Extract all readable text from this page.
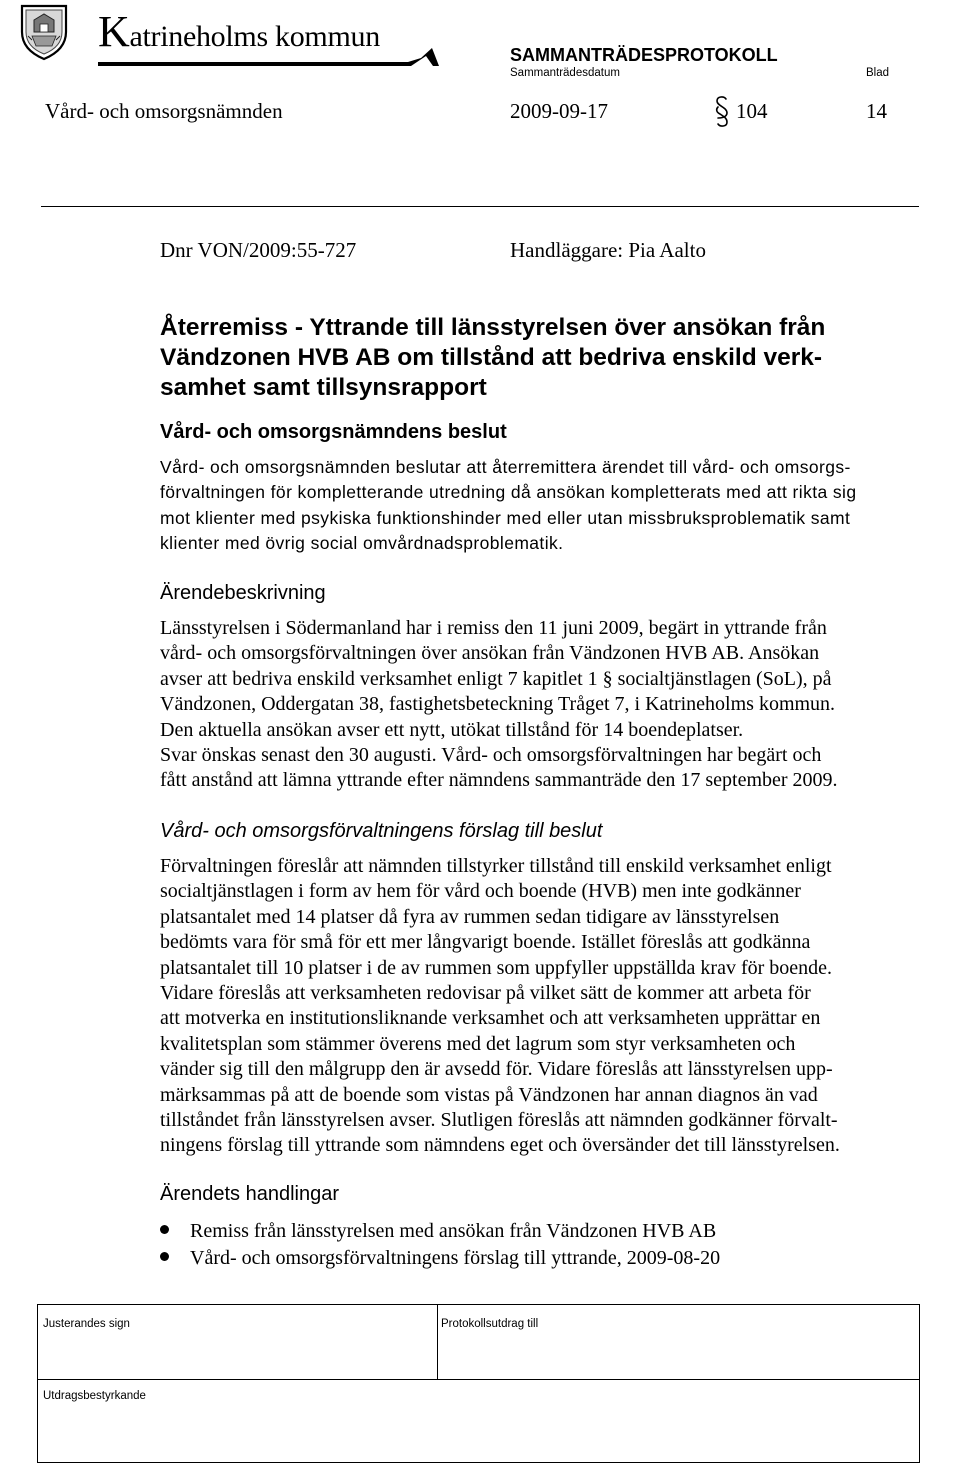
Katrineholms kommun
SAMMANTRÄDESPROTOKOLL
Sammanträdesdatum	Blad
Vård- och omsorgsnämnden	2009-09-17	104	14
Dnr VON/2009:55-727	Handläggare: Pia Aalto
Återremiss - Yttrande till länsstyrelsen över ansökan från
Vändzonen HVB AB om tillstånd att bedriva enskild verk-
samhet samt tillsynsrapport
Vård- och omsorgsnämndens beslut
Vård- och omsorgsnämnden beslutar att återremittera ärendet till vård- och omsorgs-
förvaltningen för kompletterande utredning då ansökan kompletterats med att rikta sig
mot klienter med psykiska funktionshinder med eller utan missbruksproblematik samt
klienter med övrig social omvårdnadsproblematik.
Ärendebeskrivning
Länsstyrelsen i Södermanland har i remiss den 11 juni 2009, begärt in yttrande från
vård- och omsorgsförvaltningen över ansökan från Vändzonen HVB AB. Ansökan
avser att bedriva enskild verksamhet enligt 7 kapitlet 1 § socialtjänstlagen (SoL), på
Vändzonen, Oddergatan 38, fastighetsbeteckning Tråget 7, i Katrineholms kommun.
Den aktuella ansökan avser ett nytt, utökat tillstånd för 14 boendeplatser.
Svar önskas senast den 30 augusti. Vård- och omsorgsförvaltningen har begärt och
fått anstånd att lämna yttrande efter nämndens sammanträde den 17 september 2009.
Vård- och omsorgsförvaltningens förslag till beslut
Förvaltningen föreslår att nämnden tillstyrker tillstånd till enskild verksamhet enligt
socialtjänstlagen i form av hem för vård och boende (HVB) men inte godkänner
platsantalet med 14 platser då fyra av rummen sedan tidigare av länsstyrelsen
bedömts vara för små för ett mer långvarigt boende. Istället föreslås att godkänna
platsantalet till 10 platser i de av rummen som uppfyller uppställda krav för boende.
Vidare föreslås att verksamheten redovisar på vilket sätt de kommer att arbeta för
att motverka en institutionsliknande verksamhet och att verksamheten upprättar en
kvalitetsplan som stämmer överens med det lagrum som styr verksamheten och
vänder sig till den målgrupp den är avsedd för. Vidare föreslås att länsstyrelsen upp-
märksammas på att de boende som vistas på Vändzonen har annan diagnos än vad
tillståndet från länsstyrelsen avser. Slutligen föreslås att nämnden godkänner förvalt-
ningens förslag till yttrande som nämndens eget och översänder det till länsstyrelsen.
Ärendets handlingar
Remiss från länsstyrelsen med ansökan från Vändzonen HVB AB
Vård- och omsorgsförvaltningens förslag till yttrande, 2009-08-20
Justerandes sign	Protokollsutdrag till
Utdragsbestyrkande
